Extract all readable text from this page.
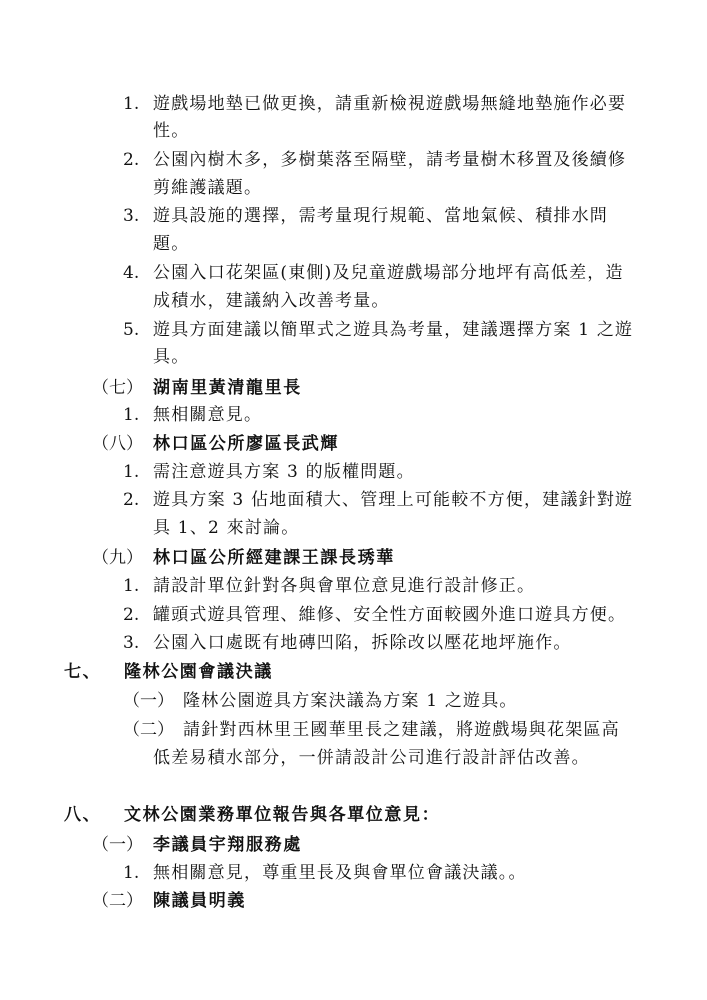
1. 遊戲場地墊已做更換，請重新檢視遊戲場無縫地墊施作必要
性。
2. 公園內樹木多，多樹葉落至隔壁，請考量樹木移置及後續修
剪維護議題。
3. 遊具設施的選擇，需考量現行規範、當地氣候、積排水問
題。
4. 公園入口花架區(東側)及兒童遊戲場部分地坪有高低差，造
成積水，建議納入改善考量。
5. 遊具方面建議以簡單式之遊具為考量，建議選擇方案 1 之遊
具。
（七） 湖南里黃清龍里長
1. 無相關意見。
（八） 林口區公所廖區長武輝
1. 需注意遊具方案 3 的版權問題。
2. 遊具方案 3 佔地面積大、管理上可能較不方便，建議針對遊
具 1、2 來討論。
（九） 林口區公所經建課王課長琇華
1. 請設計單位針對各與會單位意見進行設計修正。
2. 罐頭式遊具管理、維修、安全性方面較國外進口遊具方便。
3. 公園入口處既有地磚凹陷，拆除改以壓花地坪施作。
七、 隆林公園會議決議
（一） 隆林公園遊具方案決議為方案 1 之遊具。
（二） 請針對西林里王國華里長之建議，將遊戲場與花架區高
低差易積水部分，一併請設計公司進行設計評估改善。
八、 文林公園業務單位報告與各單位意見：
（一） 李議員宇翔服務處
1. 無相關意見，尊重里長及與會單位會議決議。。
（二） 陳議員明義
